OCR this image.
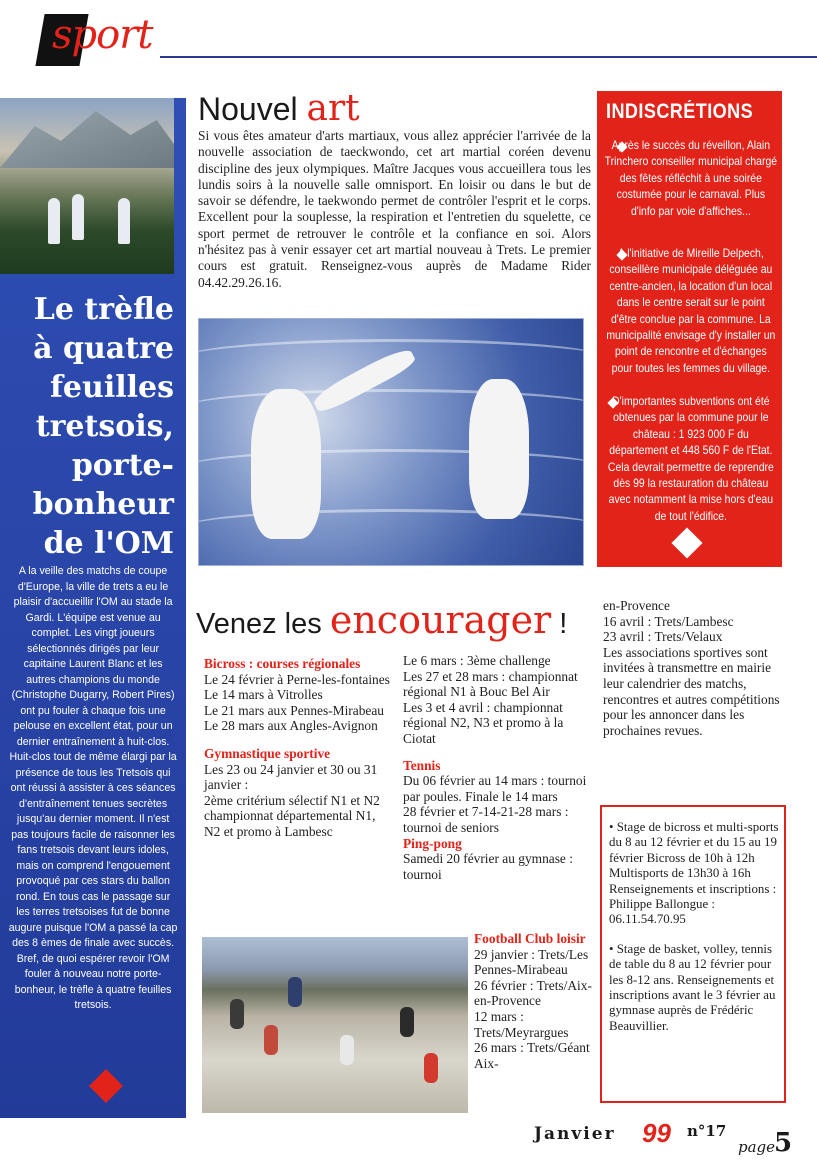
sport
Le trèfle à quatre feuilles tretsois, porte-bonheur de l'OM
A la veille des matchs de coupe d'Europe, la ville de trets a eu le plaisir d'accueillir l'OM au stade la Gardi. L'équipe est venue au complet. Les vingt joueurs sélectionnés dirigés par leur capitaine Laurent Blanc et les autres champions du monde (Christophe Dugarry, Robert Pires) ont pu fouler à chaque fois une pelouse en excellent état, pour un dernier entraînement à huit-clos. Huit-clos tout de même élargi par la présence de tous les Tretsois qui ont réussi à assister à ces séances d'entraînement tenues secrètes jusqu'au dernier moment. Il n'est pas toujours facile de raisonner les fans tretsois devant leurs idoles, mais on comprend l'engouement provoqué par ces stars du ballon rond. En tous cas le passage sur les terres tretsoises fut de bonne augure puisque l'OM a passé la cap des 8 èmes de finale avec succès. Bref, de quoi espérer revoir l'OM fouler à nouveau notre porte-bonheur, le trèfle à quatre feuilles tretsois.
Nouvel art
Si vous êtes amateur d'arts martiaux, vous allez apprécier l'arrivée de la nouvelle association de taeckwondo, cet art martial coréen devenu discipline des jeux olympiques. Maître Jacques vous accueillera tous les lundis soirs à la nouvelle salle omnisport. En loisir ou dans le but de savoir se défendre, le taekwondo permet de contrôler l'esprit et le corps. Excellent pour la souplesse, la respiration et l'entretien du squelette, ce sport permet de retrouver le contrôle et la confiance en soi. Alors n'hésitez pas à venir essayer cet art martial nouveau à Trets. Le premier cours est gratuit. Renseignez-vous auprès de Madame Rider 04.42.29.26.16.
INDISCRÉTIONS
Après le succès du réveillon, Alain Trinchero conseiller municipal chargé des fêtes réfléchit à une soirée costumée pour le carnaval. Plus d'info par voie d'affiches...
A l'initiative de Mireille Delpech, conseillère municipale déléguée au centre-ancien, la location d'un local dans le centre serait sur le point d'être conclue par la commune. La municipalité envisage d'y installer un point de rencontre et d'échanges pour toutes les femmes du village.
D'importantes subventions ont été obtenues par la commune pour le château : 1 923 000 F du département et 448 560 F de l'Etat. Cela devrait permettre de reprendre dès 99 la restauration du château avec notamment la mise hors d'eau de tout l'édifice.
Venez les encourager !
Bicross : courses régionales
Le 24 février à Perne-les-fontaines
Le 14 mars à Vitrolles
Le 21 mars aux Pennes-Mirabeau
Le 28 mars aux Angles-Avignon
Gymnastique sportive
Les 23 ou 24 janvier et 30 ou 31 janvier :
2ème critérium sélectif N1 et N2
championnat départemental N1, N2 et promo à Lambesc
Le 6 mars : 3ème challenge
Les 27 et 28 mars : championnat régional N1 à Bouc Bel Air
Les 3 et 4 avril : championnat régional N2, N3 et promo à la Ciotat
Tennis
Du 06 février au 14 mars : tournoi par poules. Finale le 14 mars
28 février et 7-14-21-28 mars : tournoi de seniors
Ping-pong
Samedi 20 février au gymnase : tournoi
Football Club loisir
29 janvier : Trets/Les Pennes-Mirabeau
26 février : Trets/Aix-en-Provence
12 mars : Trets/Meyrargues
26 mars : Trets/Géant Aix-
en-Provence
16 avril : Trets/Lambesc
23 avril : Trets/Velaux
Les associations sportives sont invitées à transmettre en mairie leur calendrier des matchs, rencontres et autres compétitions pour les annoncer dans les prochaines revues.
• Stage de bicross et multi-sports du 8 au 12 février et du 15 au 19 février Bicross de 10h à 12h Multisports de 13h30 à 16h Renseignements et inscriptions : Philippe Ballongue : 06.11.54.70.95
• Stage de basket, volley, tennis de table du 8 au 12 février pour les 8-12 ans. Renseignements et inscriptions avant le 3 février au gymnase auprès de Frédéric Beauvillier.
Janvier 99 n°17
page
5
